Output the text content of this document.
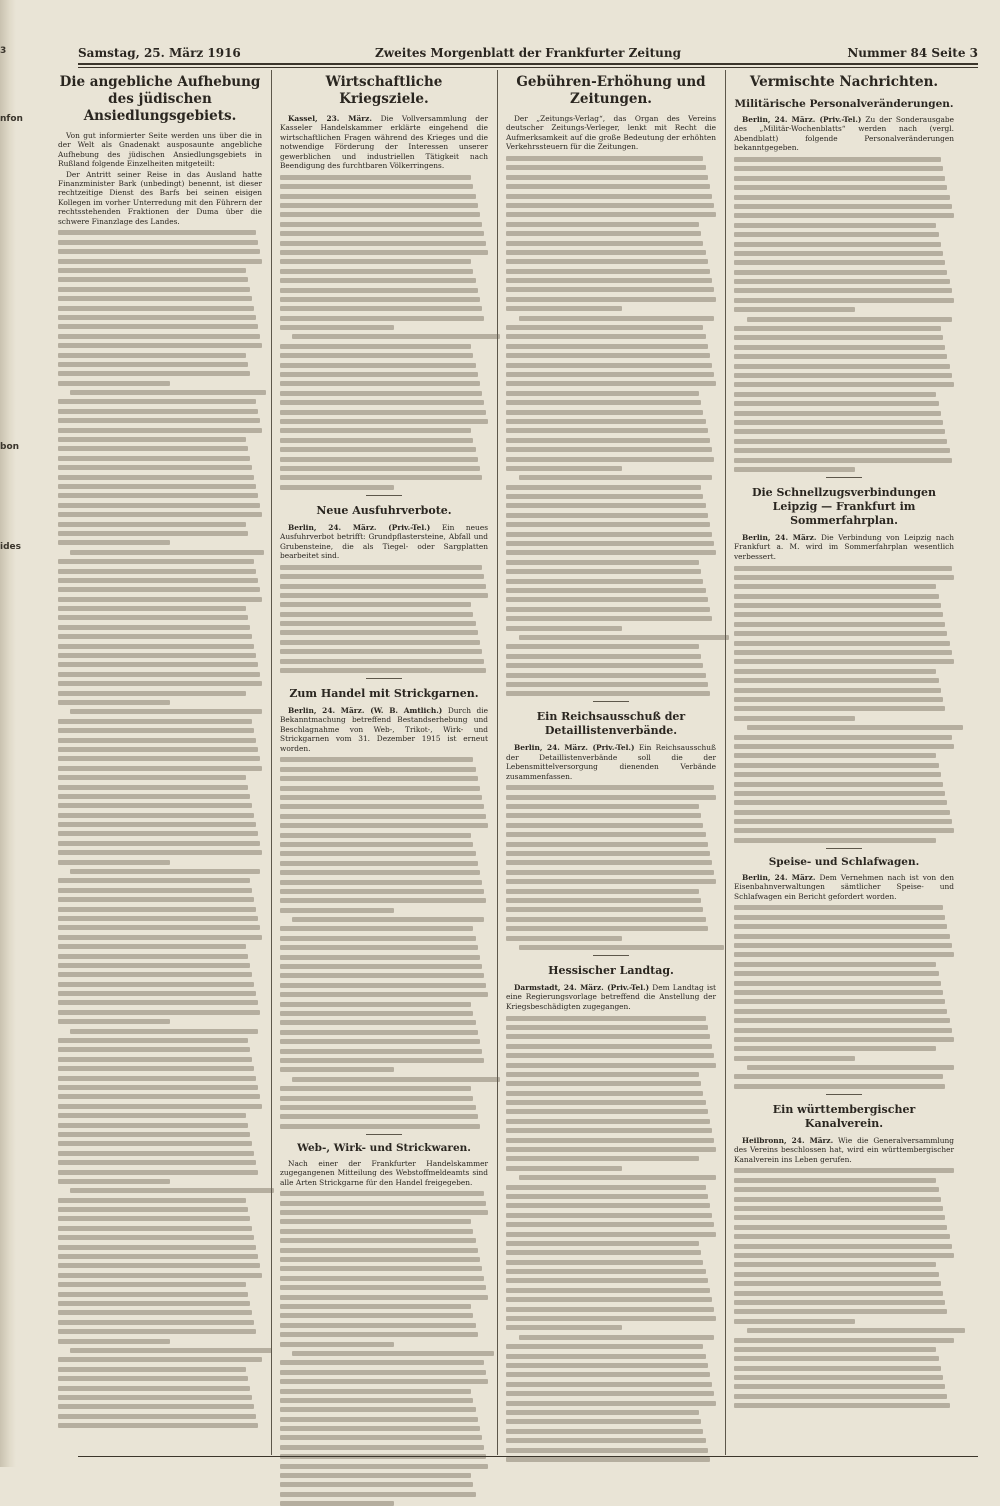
3
nfon
bon
ides
Samstag, 25. März 1916	Zweites Morgenblatt der Frankfurter Zeitung	Nummer 84 Seite 3
Die angebliche Aufhebung des jüdischen Ansiedlungsgebiets.
Von gut informierter Seite werden uns über die in der Welt als Gnadenakt ausposaunte angebliche Aufhebung des jüdischen Ansiedlungsgebiets in Rußland folgende Einzelheiten mitgeteilt:
Der Antritt seiner Reise in das Ausland hatte Finanzminister Bark (unbedingt) benennt, ist dieser rechtzeitige Dienst des Barfs bei seinen eisigen Kollegen im vorher Unterredung mit den Führern der rechtsstehenden Fraktionen der Duma über die schwere Finanzlage des Landes.
Wirtschaftliche Kriegsziele.
Kassel, 23. März. Die Vollversammlung der Kasseler Handelskammer erklärte eingehend die wirtschaftlichen Fragen während des Krieges und die notwendige Förderung der Interessen unserer gewerblichen und industriellen Tätigkeit nach Beendigung des furchtbaren Völkerringens.
Neue Ausfuhrverbote.
Berlin, 24. März. (Priv.-Tel.) Ein neues Ausfuhrverbot betrifft: Grundpflastersteine, Abfall und Grubensteine, die als Tiegel- oder Sargplatten bearbeitet sind.
Zum Handel mit Strickgarnen.
Berlin, 24. März. (W. B. Amtlich.) Durch die Bekanntmachung betreffend Bestandserhebung und Beschlagnahme von Web-, Trikot-, Wirk- und Strickgarnen vom 31. Dezember 1915 ist erneut worden.
Web-, Wirk- und Strickwaren.
Nach einer der Frankfurter Handelskammer zugegangenen Mitteilung des Webstoffmeldeamts sind alle Arten Strickgarne für den Handel freigegeben.
Gebühren-Erhöhung und Zeitungen.
Der „Zeitungs-Verlag“, das Organ des Vereins deutscher Zeitungs-Verleger, lenkt mit Recht die Aufmerksamkeit auf die große Bedeutung der erhöhten Verkehrssteuern für die Zeitungen.
Ein Reichsausschuß der Detaillistenverbände.
Berlin, 24. März. (Priv.-Tel.) Ein Reichsausschuß der Detaillistenverbände soll die der Lebensmittelversorgung dienenden Verbände zusammenfassen.
Hessischer Landtag.
Darmstadt, 24. März. (Priv.-Tel.) Dem Landtag ist eine Regierungsvorlage betreffend die Anstellung der Kriegsbeschädigten zugegangen.
Vermischte Nachrichten.
Militärische Personalveränderungen.
Berlin, 24. März. (Priv.-Tel.) Zu der Sonderausgabe des „Militär-Wochenblatts“ werden nach (vergl. Abendblatt) folgende Personalveränderungen bekanntgegeben.
Die Schnellzugsverbindungen Leipzig — Frankfurt im Sommerfahrplan.
Berlin, 24. März. Die Verbindung von Leipzig nach Frankfurt a. M. wird im Sommerfahrplan wesentlich verbessert.
Speise- und Schlafwagen.
Berlin, 24. März. Dem Vernehmen nach ist von den Eisenbahnverwaltungen sämtlicher Speise- und Schlafwagen ein Bericht gefordert worden.
Ein württembergischer Kanalverein.
Heilbronn, 24. März. Wie die Generalversammlung des Vereins beschlossen hat, wird ein württembergischer Kanalverein ins Leben gerufen.
